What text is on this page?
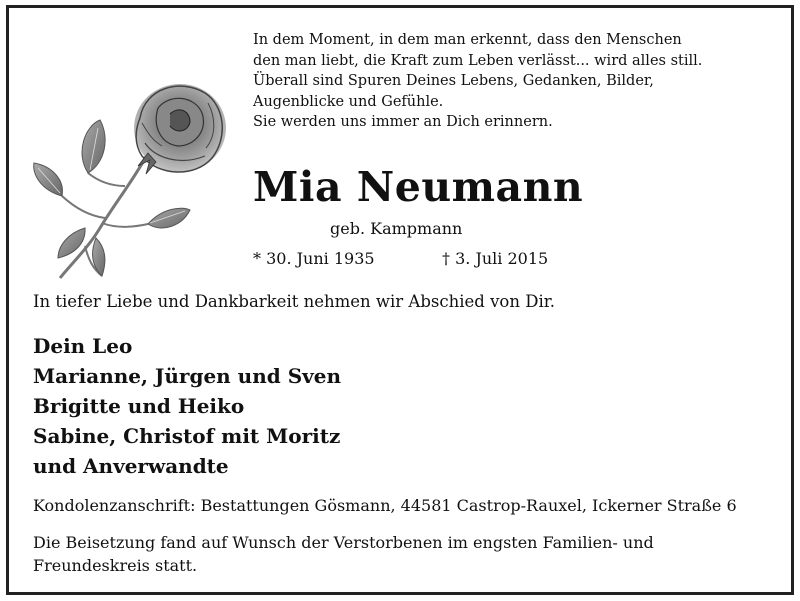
In dem Moment, in dem man erkennt, dass den Menschen
den man liebt, die Kraft zum Leben verlässt... wird alles still.
Überall sind Spuren Deines Lebens, Gedanken, Bilder,
Augenblicke und Gefühle.
Sie werden uns immer an Dich erinnern.
Mia Neumann
geb. Kampmann
* 30. Juni 1935	† 3. Juli 2015
In tiefer Liebe und Dankbarkeit nehmen wir Abschied von Dir.
Dein Leo
Marianne, Jürgen und Sven
Brigitte und Heiko
Sabine, Christof mit Moritz
und Anverwandte
Kondolenzanschrift: Bestattungen Gösmann, 44581 Castrop-Rauxel, Ickerner Straße 6
Die Beisetzung fand auf Wunsch der Verstorbenen im engsten Familien- und
Freundeskreis statt.
